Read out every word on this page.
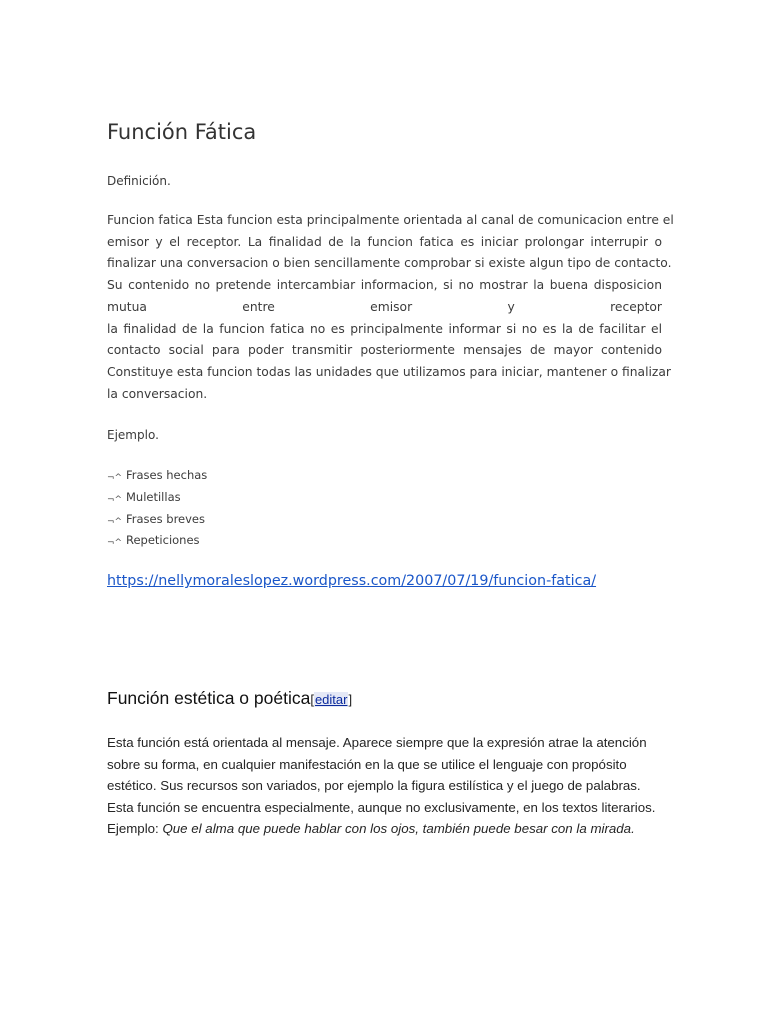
Función Fática
Definición.
Funcion fatica Esta funcion esta principalmente orientada al canal de comunicacion entre el
emisor y el receptor. La finalidad de la funcion fatica es iniciar prolongar interrupir o
finalizar una conversacion o bien sencillamente comprobar si existe algun tipo de contacto.
Su contenido no pretende intercambiar informacion, si no mostrar la buena disposicion
mutua	entre	emisor	y	receptor
la finalidad de la funcion fatica no es principalmente informar si no es la de facilitar el
contacto social para poder transmitir posteriormente mensajes de mayor contenido
Constituye esta funcion todas las unidades que utilizamos para iniciar, mantener o finalizar
la conversacion.
Ejemplo.
¬^ Frases hechas
¬^ Muletillas
¬^ Frases breves
¬^ Repeticiones
https://nellymoraleslopez.wordpress.com/2007/07/19/funcion-fatica/
Función estética o poética[editar]
Esta función está orientada al mensaje. Aparece siempre que la expresión atrae la atención
sobre su forma, en cualquier manifestación en la que se utilice el lenguaje con propósito
estético. Sus recursos son variados, por ejemplo la figura estilística y el juego de palabras.
Esta función se encuentra especialmente, aunque no exclusivamente, en los textos literarios.
Ejemplo: Que el alma que puede hablar con los ojos, también puede besar con la mirada.
